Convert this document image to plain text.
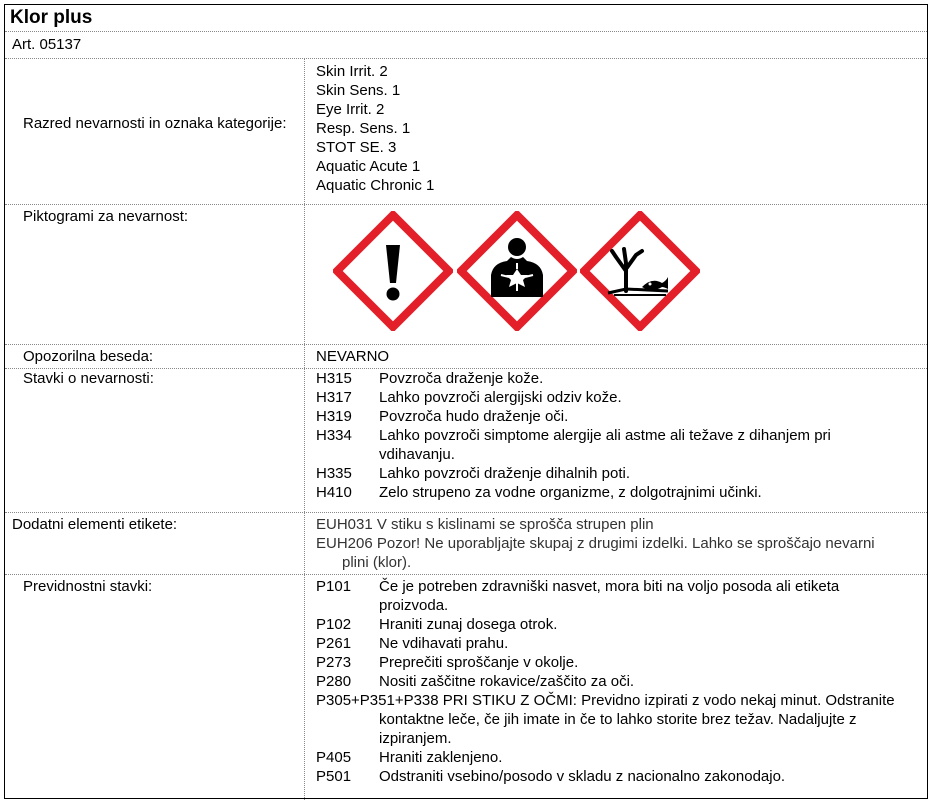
Klor plus
Art. 05137
Razred nevarnosti in oznaka kategorije:
Skin Irrit. 2
Skin Sens. 1
Eye Irrit. 2
Resp. Sens. 1
STOT SE. 3
Aquatic Acute 1
Aquatic Chronic 1
Piktogrami za nevarnost:
Opozorilna beseda:	NEVARNO
Stavki o nevarnosti:	H315	Povzroča draženje kože.
H317	Lahko povzroči alergijski odziv kože.
H319	Povzroča hudo draženje oči.
H334	Lahko povzroči simptome alergije ali astme ali težave z dihanjem pri vdihavanju.
H335	Lahko povzroči draženje dihalnih poti.
H410	Zelo strupeno za vodne organizme, z dolgotrajnimi učinki.
Dodatni elementi etikete:	EUH031 V stiku s kislinami se sprošča strupen plin
EUH206 Pozor! Ne uporabljajte skupaj z drugimi izdelki. Lahko se sproščajo nevarni plini (klor).
Previdnostni stavki:	P101	Če je potreben zdravniški nasvet, mora biti na voljo posoda ali etiketa proizvoda.
P102	Hraniti zunaj dosega otrok.
P261	Ne vdihavati prahu.
P273	Preprečiti sproščanje v okolje.
P280	Nositi zaščitne rokavice/zaščito za oči.
P305+P351+P338 PRI STIKU Z OČMI: Previdno izpirati z vodo nekaj minut. Odstranite kontaktne leče, če jih imate in če to lahko storite brez težav. Nadaljujte z izpiranjem.
P405	Hraniti zaklenjeno.
P501	Odstraniti vsebino/posodo v skladu z nacionalno zakonodajo.
